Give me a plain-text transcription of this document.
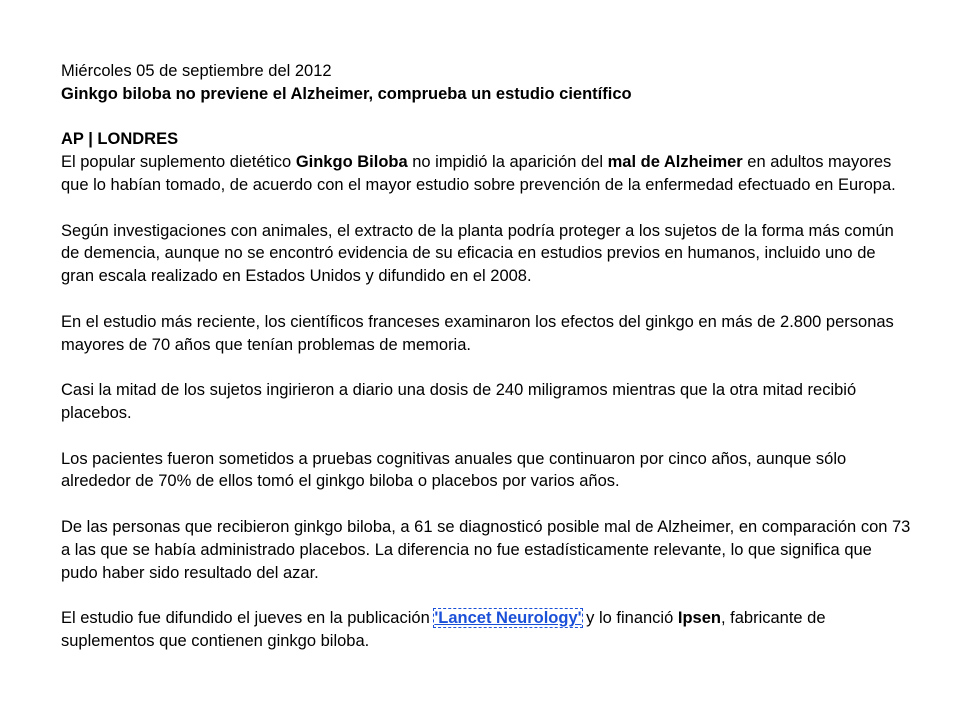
Miércoles 05 de septiembre del 2012

Ginkgo biloba no previene el Alzheimer, comprueba un estudio científico

AP | LONDRES

El popular suplemento dietético Ginkgo Biloba no impidió la aparición del mal de Alzheimer en adultos mayores que lo habían tomado, de acuerdo con el mayor estudio sobre prevención de la enfermedad efectuado en Europa.

Según investigaciones con animales, el extracto de la planta podría proteger a los sujetos de la forma más común de demencia, aunque no se encontró evidencia de su eficacia en estudios previos en humanos, incluido uno de gran escala realizado en Estados Unidos y difundido en el 2008.

En el estudio más reciente, los científicos franceses examinaron los efectos del ginkgo en más de 2.800 personas mayores de 70 años que tenían problemas de memoria.

Casi la mitad de los sujetos ingirieron a diario una dosis de 240 miligramos mientras que la otra mitad recibió placebos.

Los pacientes fueron sometidos a pruebas cognitivas anuales que continuaron por cinco años, aunque sólo alrededor de 70% de ellos tomó el ginkgo biloba o placebos por varios años.

De las personas que recibieron ginkgo biloba, a 61 se diagnosticó posible mal de Alzheimer, en comparación con 73 a las que se había administrado placebos. La diferencia no fue estadísticamente relevante, lo que significa que pudo haber sido resultado del azar.

El estudio fue difundido el jueves en la publicación 'Lancet Neurology' y lo financió Ipsen, fabricante de suplementos que contienen ginkgo biloba.
